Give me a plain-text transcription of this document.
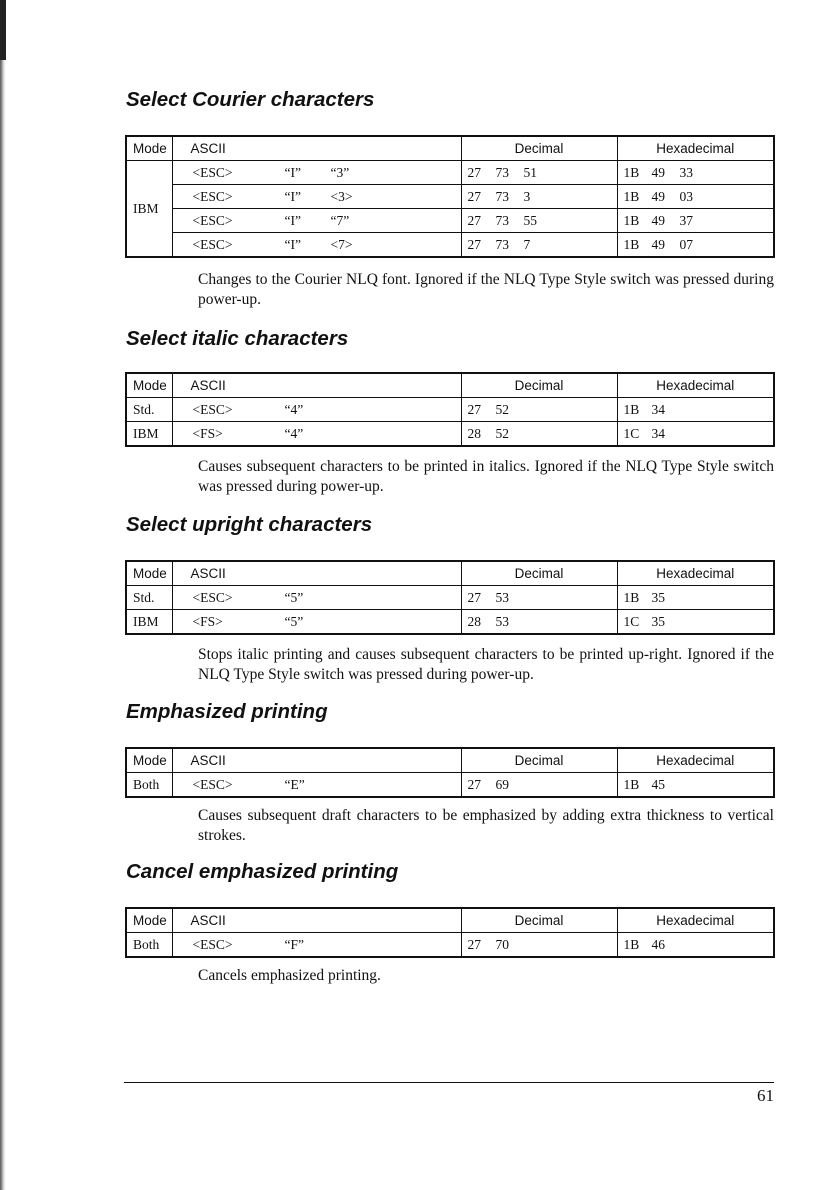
Select Courier characters
Mode	ASCII	Decimal	Hexadecimal
IBM	<ESC> “I” “3”	27 73 51	1B 49 33
	<ESC> “I” <3>	27 73 3	1B 49 03
	<ESC> “I” “7”	27 73 55	1B 49 37
	<ESC> “I” <7>	27 73 7	1B 49 07

Changes to the Courier NLQ font. Ignored if the NLQ Type Style switch was pressed during power-up.

Select italic characters
Mode	ASCII	Decimal	Hexadecimal
Std.	<ESC> “4”	27 52	1B 34
IBM	<FS> “4”	28 52	1C 34

Causes subsequent characters to be printed in italics. Ignored if the NLQ Type Style switch was pressed during power-up.

Select upright characters
Mode	ASCII	Decimal	Hexadecimal
Std.	<ESC> “5”	27 53	1B 35
IBM	<FS> “5”	28 53	1C 35

Stops italic printing and causes subsequent characters to be printed up-right. Ignored if the NLQ Type Style switch was pressed during power-up.

Emphasized printing
Mode	ASCII	Decimal	Hexadecimal
Both	<ESC> “E”	27 69	1B 45

Causes subsequent draft characters to be emphasized by adding extra thickness to vertical strokes.

Cancel emphasized printing
Mode	ASCII	Decimal	Hexadecimal
Both	<ESC> “F”	27 70	1B 46

Cancels emphasized printing.

61
